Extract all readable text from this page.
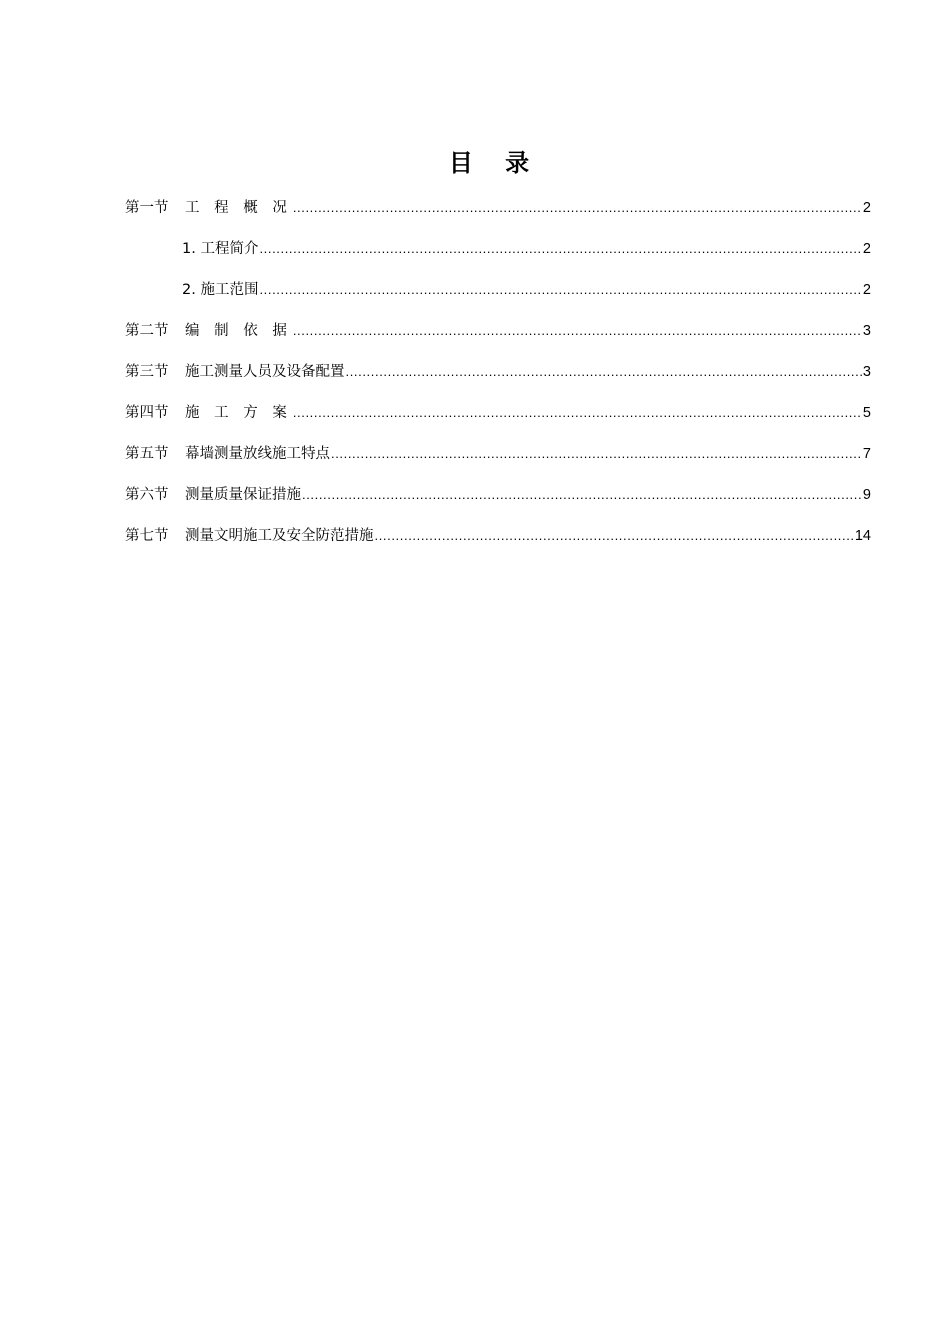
目 录
第一节	工 程 概 况 .....	2
1. 工程简介 .....	2
2. 施工范围 .....	2
第二节	编 制 依 据 .....	3
第三节	施工测量人员及设备配置 .....	3
第四节	施 工 方 案 .....	5
第五节	幕墙测量放线施工特点 .....	7
第六节	测量质量保证措施 .....	9
第七节	测量文明施工及安全防范措施 .....	14
